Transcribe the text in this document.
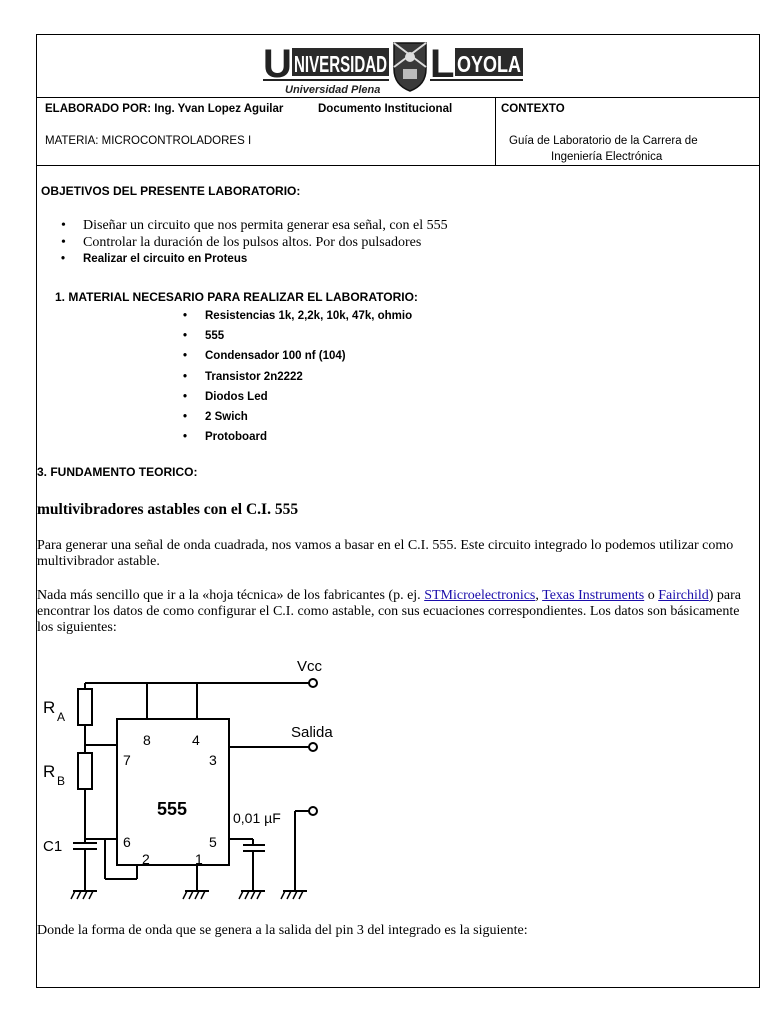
U NIVERSIDAD L OYOLA
Universidad Plena
ELABORADO POR: Ing. Yvan Lopez Aguilar	Documento Institucional
MATERIA: MICROCONTROLADORES I
CONTEXTO
Guía de Laboratorio de la Carrera de
Ingeniería Electrónica
OBJETIVOS DEL PRESENTE LABORATORIO:
• Diseñar un circuito que nos permita generar esa señal, con el 555
• Controlar la duración de los pulsos altos. Por dos pulsadores
• Realizar el circuito en Proteus
1. MATERIAL NECESARIO PARA REALIZAR EL LABORATORIO:
• Resistencias 1k, 2,2k, 10k, 47k, ohmio
• 555
• Condensador 100 nf (104)
• Transistor 2n2222
• Diodos Led
• 2 Swich
• Protoboard
3. FUNDAMENTO TEORICO:
multivibradores astables con el C.I. 555
Para generar una señal de onda cuadrada, nos vamos a basar en el C.I. 555. Este circuito integrado lo podemos utilizar como multivibrador astable.
Nada más sencillo que ir a la «hoja técnica» de los fabricantes (p. ej. STMicroelectronics, Texas Instruments o Fairchild) para encontrar los datos de como configurar el C.I. como astable, con sus ecuaciones correspondientes. Los datos son básicamente los siguientes:
Vcc
Salida
555
R A
R B
C1
0,01 µF
8	4
7	3
6	5
2	1
Donde la forma de onda que se genera a la salida del pin 3 del integrado es la siguiente:
